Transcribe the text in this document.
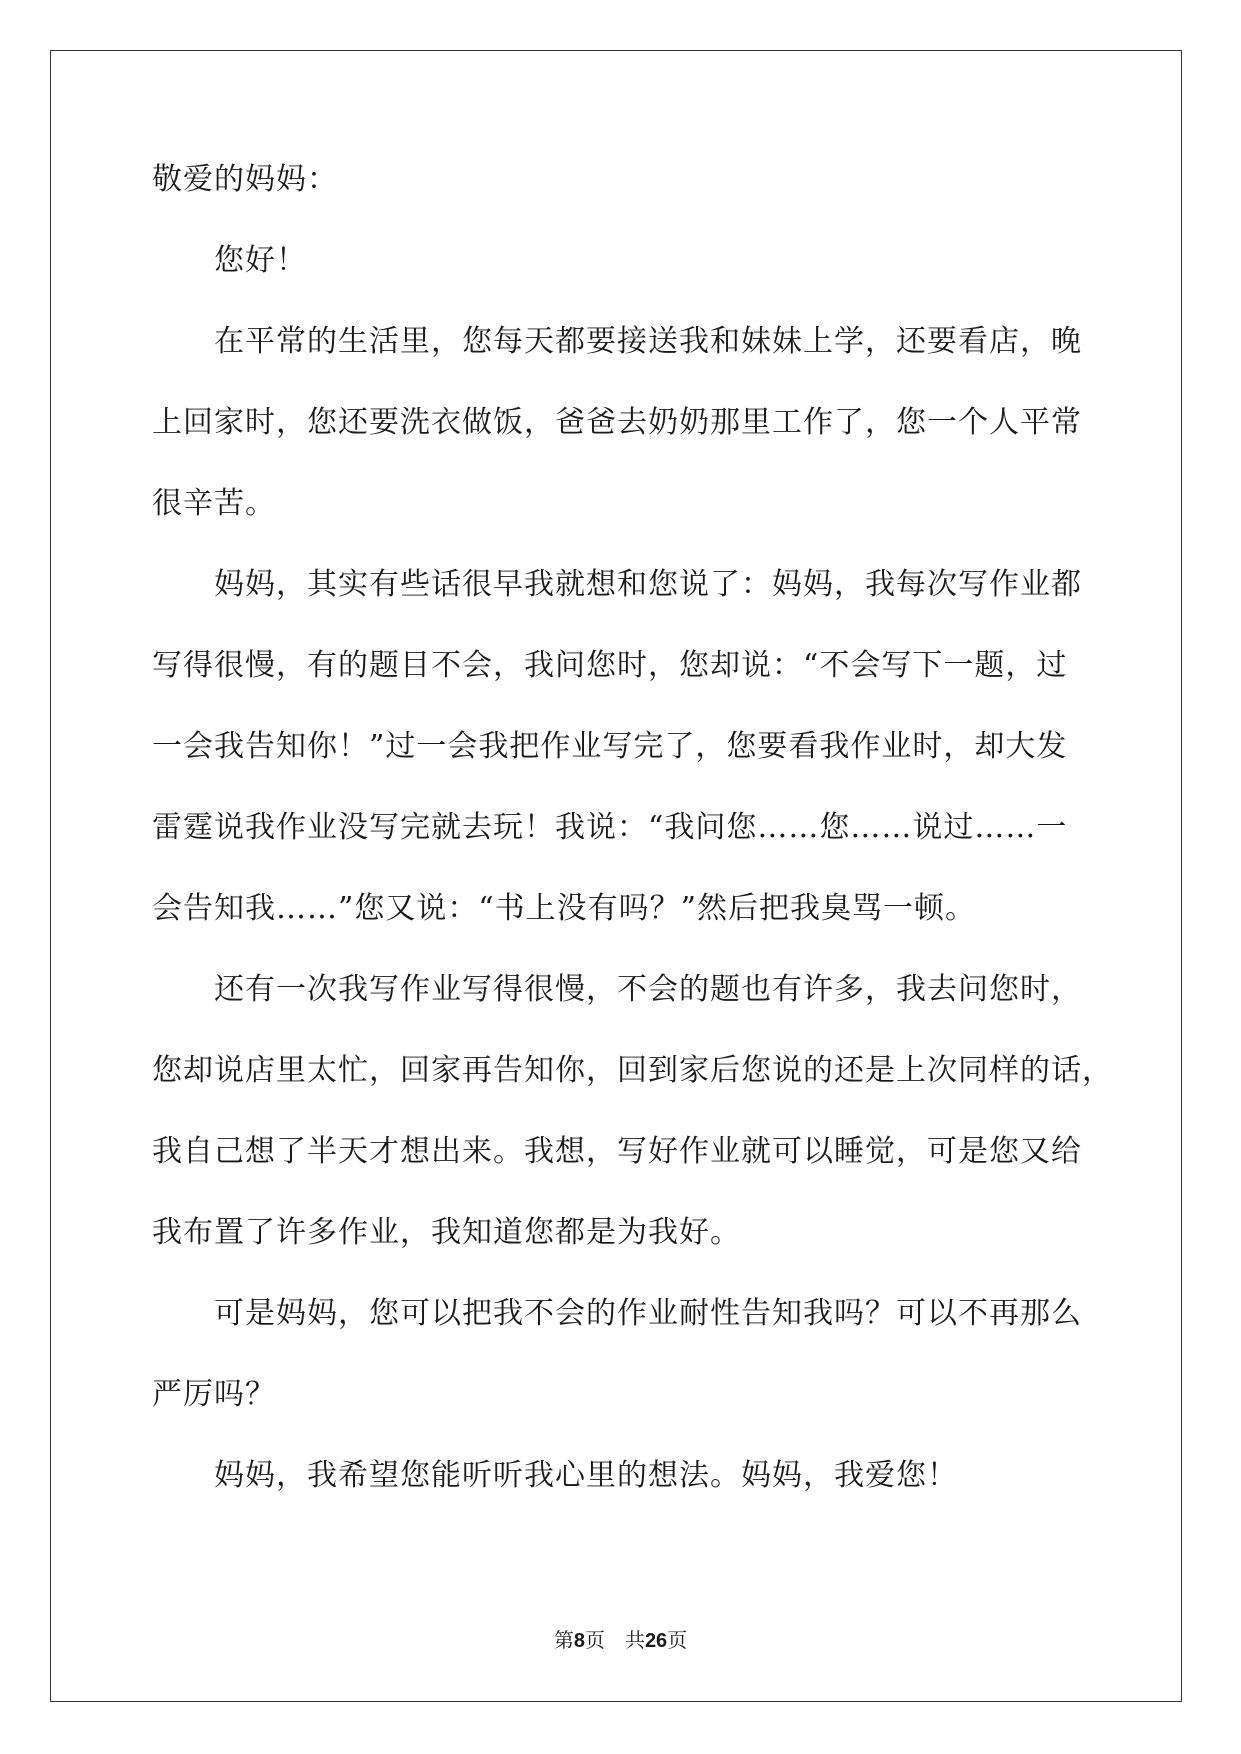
敬爱的妈妈：
您好！
在平常的生活里，您每天都要接送我和妹妹上学，还要看店，晚
上回家时，您还要洗衣做饭，爸爸去奶奶那里工作了，您一个人平常
很辛苦。
妈妈，其实有些话很早我就想和您说了：妈妈，我每次写作业都
写得很慢，有的题目不会，我问您时，您却说：“不会写下一题，过
一会我告知你！”过一会我把作业写完了，您要看我作业时，却大发
雷霆说我作业没写完就去玩！我说：“我问您……您……说过……一
会告知我……”您又说：“书上没有吗？”然后把我臭骂一顿。
还有一次我写作业写得很慢，不会的题也有许多，我去问您时，
您却说店里太忙，回家再告知你，回到家后您说的还是上次同样的话，
我自己想了半天才想出来。我想，写好作业就可以睡觉，可是您又给
我布置了许多作业，我知道您都是为我好。
可是妈妈，您可以把我不会的作业耐性告知我吗？可以不再那么
严厉吗？
妈妈，我希望您能听听我心里的想法。妈妈，我爱您！
第8页 共26页
